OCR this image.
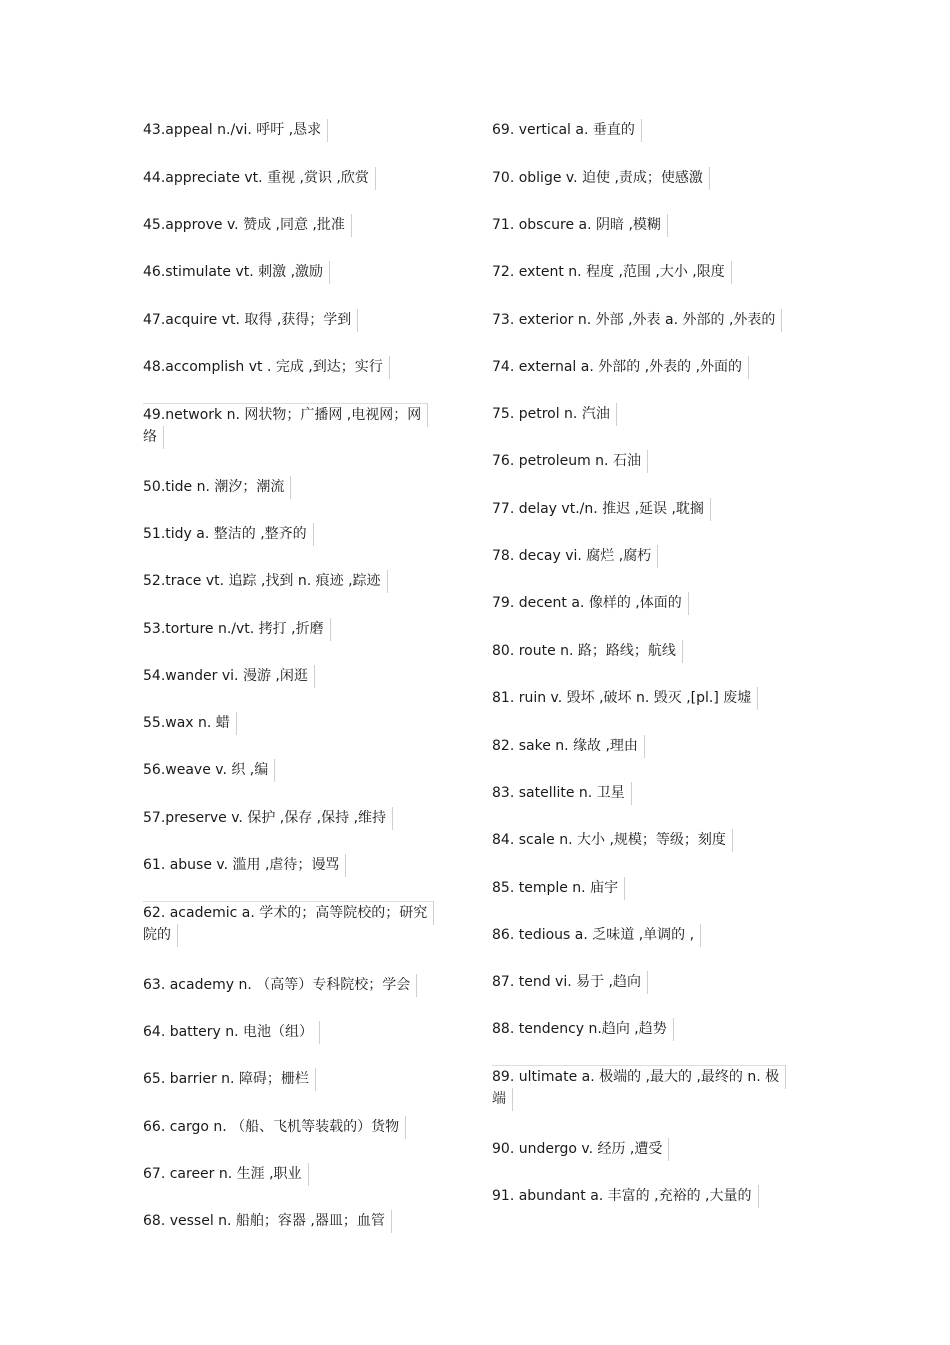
43.appeal n./vi. 呼吁 ,恳求
44.appreciate vt. 重视 ,赏识 ,欣赏
45.approve v. 赞成 ,同意 ,批准
46.stimulate vt. 刺激 ,激励
47.acquire vt. 取得 ,获得；学到
48.accomplish vt . 完成 ,到达；实行
49.network n. 网状物；广播网 ,电视网；网
络
50.tide n. 潮汐；潮流
51.tidy a. 整洁的 ,整齐的
52.trace vt. 追踪 ,找到 n. 痕迹 ,踪迹
53.torture n./vt. 拷打 ,折磨
54.wander vi. 漫游 ,闲逛
55.wax n. 蜡
56.weave v. 织 ,编
57.preserve v. 保护 ,保存 ,保持 ,维持
61. abuse v. 滥用 ,虐待；谩骂
62. academic a. 学术的；高等院校的；研究
院的
63. academy n. （高等）专科院校；学会
64. battery n. 电池（组）
65. barrier n. 障碍；栅栏
66. cargo n. （船、飞机等装载的）货物
67. career n. 生涯 ,职业
68. vessel n. 船舶；容器 ,器皿；血管
69. vertical a. 垂直的
70. oblige v. 迫使 ,责成；使感激
71. obscure a. 阴暗 ,模糊
72. extent n. 程度 ,范围 ,大小 ,限度
73. exterior n. 外部 ,外表 a. 外部的 ,外表的
74. external a. 外部的 ,外表的 ,外面的
75. petrol n. 汽油
76. petroleum n. 石油
77. delay vt./n. 推迟 ,延误 ,耽搁
78. decay vi. 腐烂 ,腐朽
79. decent a. 像样的 ,体面的
80. route n. 路；路线；航线
81. ruin v. 毁坏 ,破坏 n. 毁灭 ,[pl.] 废墟
82. sake n. 缘故 ,理由
83. satellite n. 卫星
84. scale n. 大小 ,规模；等级；刻度
85. temple n. 庙宇
86. tedious a. 乏味道 ,单调的 ,
87. tend vi. 易于 ,趋向
88. tendency n.趋向 ,趋势
89. ultimate a. 极端的 ,最大的 ,最终的 n. 极
端
90. undergo v. 经历 ,遭受
91. abundant a. 丰富的 ,充裕的 ,大量的
